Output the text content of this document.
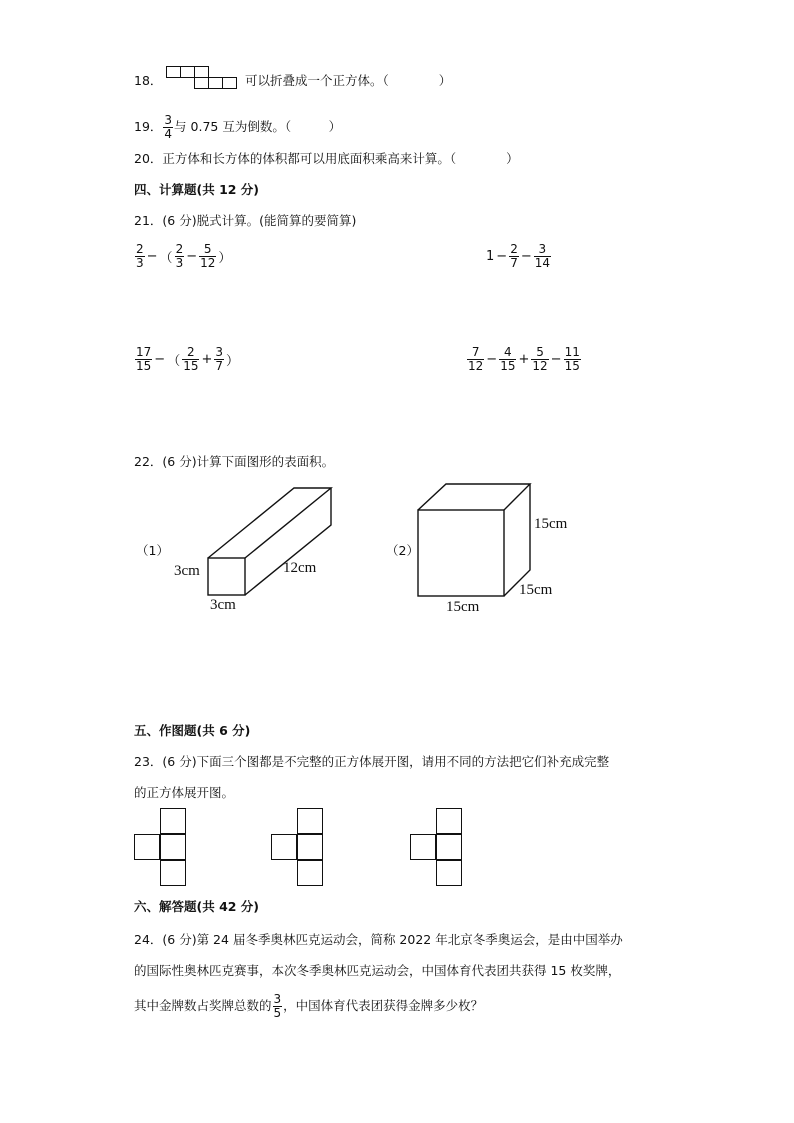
18．	可以折叠成一个正方体。（　　　　）
19． $\frac{3}{4}$ 与 0.75 互为倒数。（　　　）
20．正方体和长方体的体积都可以用底面积乘高来计算。（　　　　）
四、计算题(共 12 分)
21．(6 分)脱式计算。(能简算的要简算)
$\frac{2}{3}$ − （ $\frac{2}{3} - \frac{5}{12}$ ）	$1 - \frac{2}{7} - \frac{3}{14}$
$\frac{17}{15}$ − （ $\frac{2}{15} + \frac{3}{7}$ ）	$\frac{7}{12} - \frac{4}{15} + \frac{5}{12} - \frac{11}{15}$
22．(6 分)计算下面图形的表面积。
（1）
3cm
3cm
12cm
（2）
15cm
15cm
15cm
五、作图题(共 6 分)
23．(6 分)下面三个图都是不完整的正方体展开图，请用不同的方法把它们补充成完整
的正方体展开图。
六、解答题(共 42 分)
24．(6 分)第 24 届冬季奥林匹克运动会，简称 2022 年北京冬季奥运会，是由中国举办
的国际性奥林匹克赛事，本次冬季奥林匹克运动会，中国体育代表团共获得 15 枚奖牌，
其中金牌数占奖牌总数的 $\frac{3}{5}$ ，中国体育代表团获得金牌多少枚？
